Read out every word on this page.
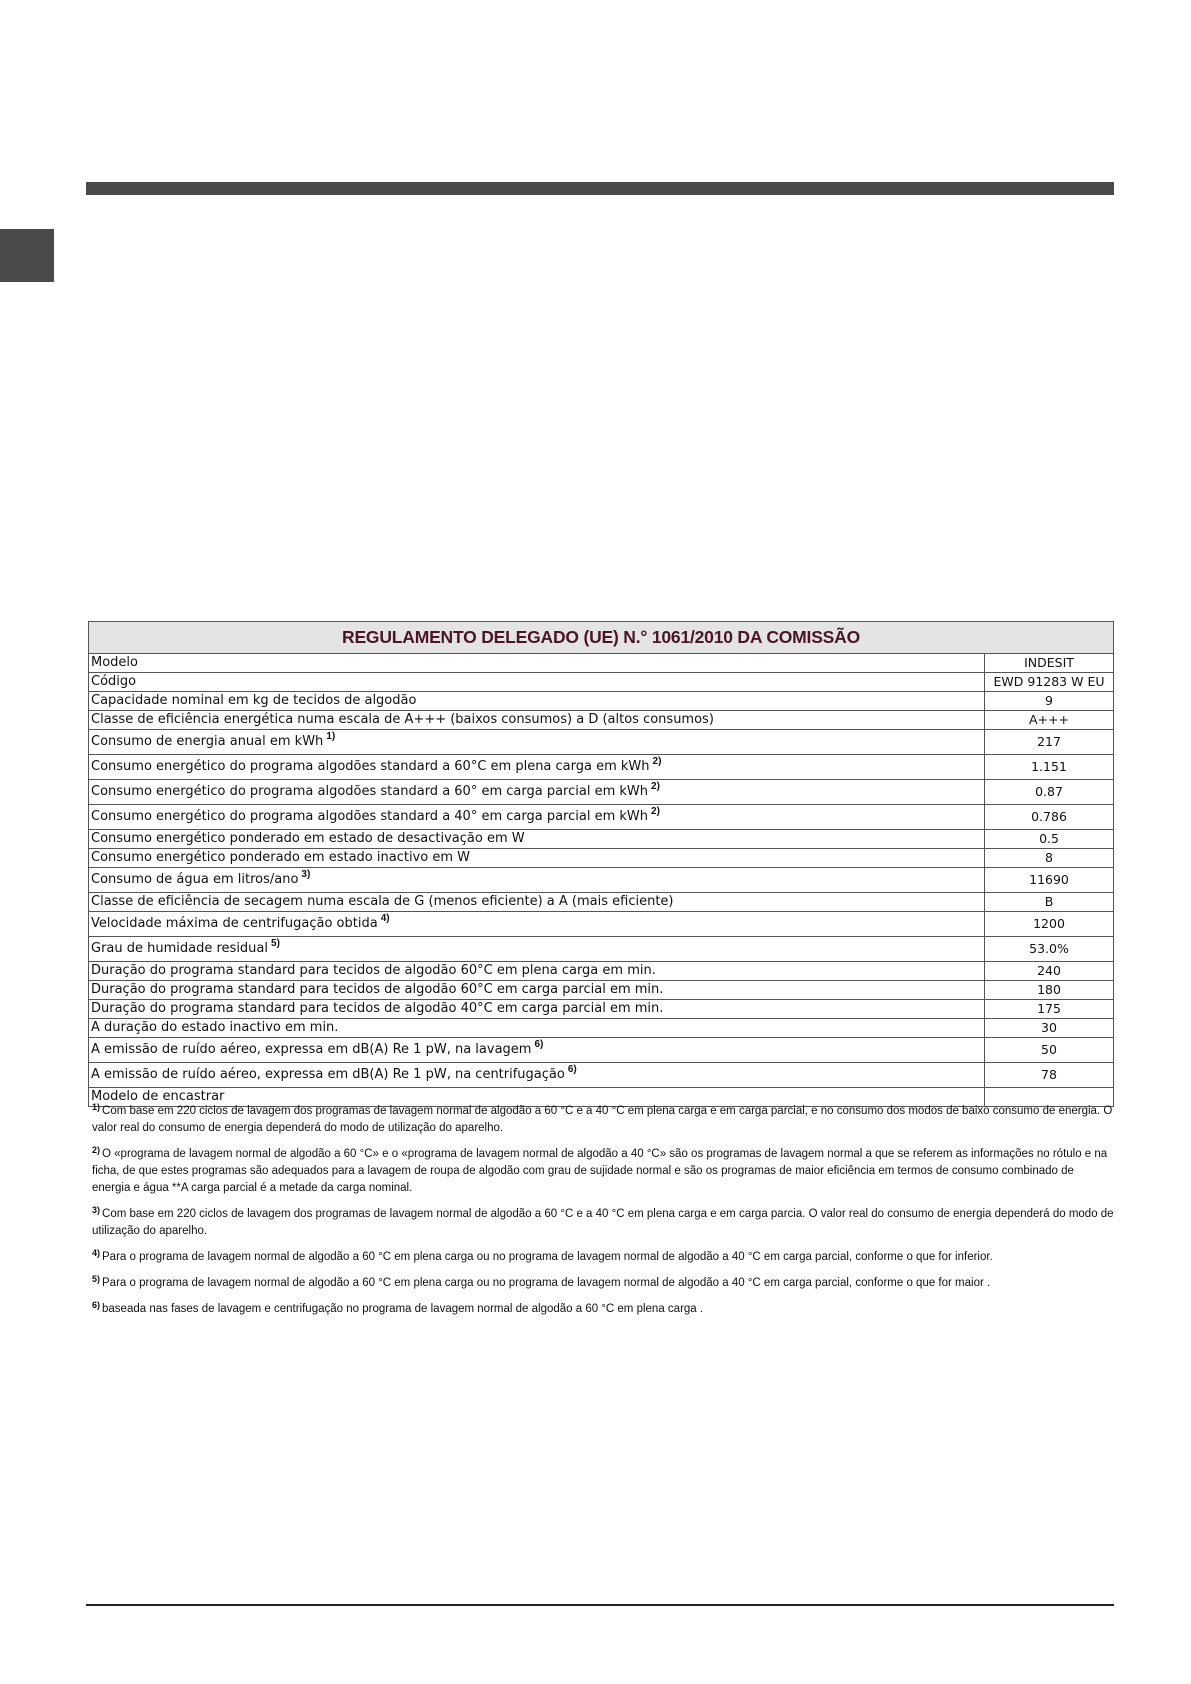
REGULAMENTO DELEGADO (UE) N.° 1061/2010 DA COMISSÃO	
Modelo	INDESIT
Código	EWD 91283 W EU
Capacidade nominal em kg de tecidos de algodão	9
Classe de eficiência energética numa escala de A+++ (baixos consumos) a D (altos consumos)	A+++
Consumo de energia anual em kWh $^{1)}$	217
Consumo energético do programa algodões standard a 60°C em plena carga em kWh $^{2)}$	1.151
Consumo energético do programa algodões standard a 60° em carga parcial em kWh $^{2)}$	0.87
Consumo energético do programa algodões standard a 40° em carga parcial em kWh $^{2)}$	0.786
Consumo energético ponderado em estado de desactivação em W	0.5
Consumo energético ponderado em estado inactivo em W	8
Consumo de água em litros/ano $^{3)}$	11690
Classe de eficiência de secagem numa escala de G (menos eficiente) a A (mais eficiente)	B
Velocidade máxima de centrifugação obtida $^{4)}$	1200
Grau de humidade residual $^{5)}$	53.0%
Duração do programa standard para tecidos de algodão 60°C em plena carga em min.	240
Duração do programa standard para tecidos de algodão 60°C em carga parcial em min.	180
Duração do programa standard para tecidos de algodão 40°C em carga parcial em min.	175
A duração do estado inactivo em min.	30
A emissão de ruído aéreo, expressa em dB(A) Re 1 pW, na lavagem $^{6)}$	50
A emissão de ruído aéreo, expressa em dB(A) Re 1 pW, na centrifugação $^{6)}$	78
Modelo de encastrar	

$^{1)}$ Com base em 220 ciclos de lavagem dos programas de lavagem normal de algodão a 60 °C e a 40 °C em plena carga e em carga parcial, e no consumo dos modos de baixo consumo de energia. O valor real do consumo de energia dependerá do modo de utilização do aparelho.

$^{2)}$ O «programa de lavagem normal de algodão a 60 °C» e o «programa de lavagem normal de algodão a 40 °C» são os programas de lavagem normal a que se referem as informações no rótulo e na ficha, de que estes programas são adequados para a lavagem de roupa de algodão com grau de sujidade normal e são os programas de maior eficiência em termos de consumo combinado de energia e água **A carga parcial é a metade da carga nominal.

$^{3)}$ Com base em 220 ciclos de lavagem dos programas de lavagem normal de algodão a 60 °C e a 40 °C em plena carga e em carga parcia. O valor real do consumo de energia dependerá do modo de utilização do aparelho.

$^{4)}$ Para o programa de lavagem normal de algodão a 60 °C em plena carga ou no programa de lavagem normal de algodão a 40 °C em carga parcial, conforme o que for inferior.

$^{5)}$ Para o programa de lavagem normal de algodão a 60 °C em plena carga ou no programa de lavagem normal de algodão a 40 °C em carga parcial, conforme o que for maior .

$^{6)}$ baseada nas fases de lavagem e centrifugação no programa de lavagem normal de algodão a 60 °C em plena carga .
